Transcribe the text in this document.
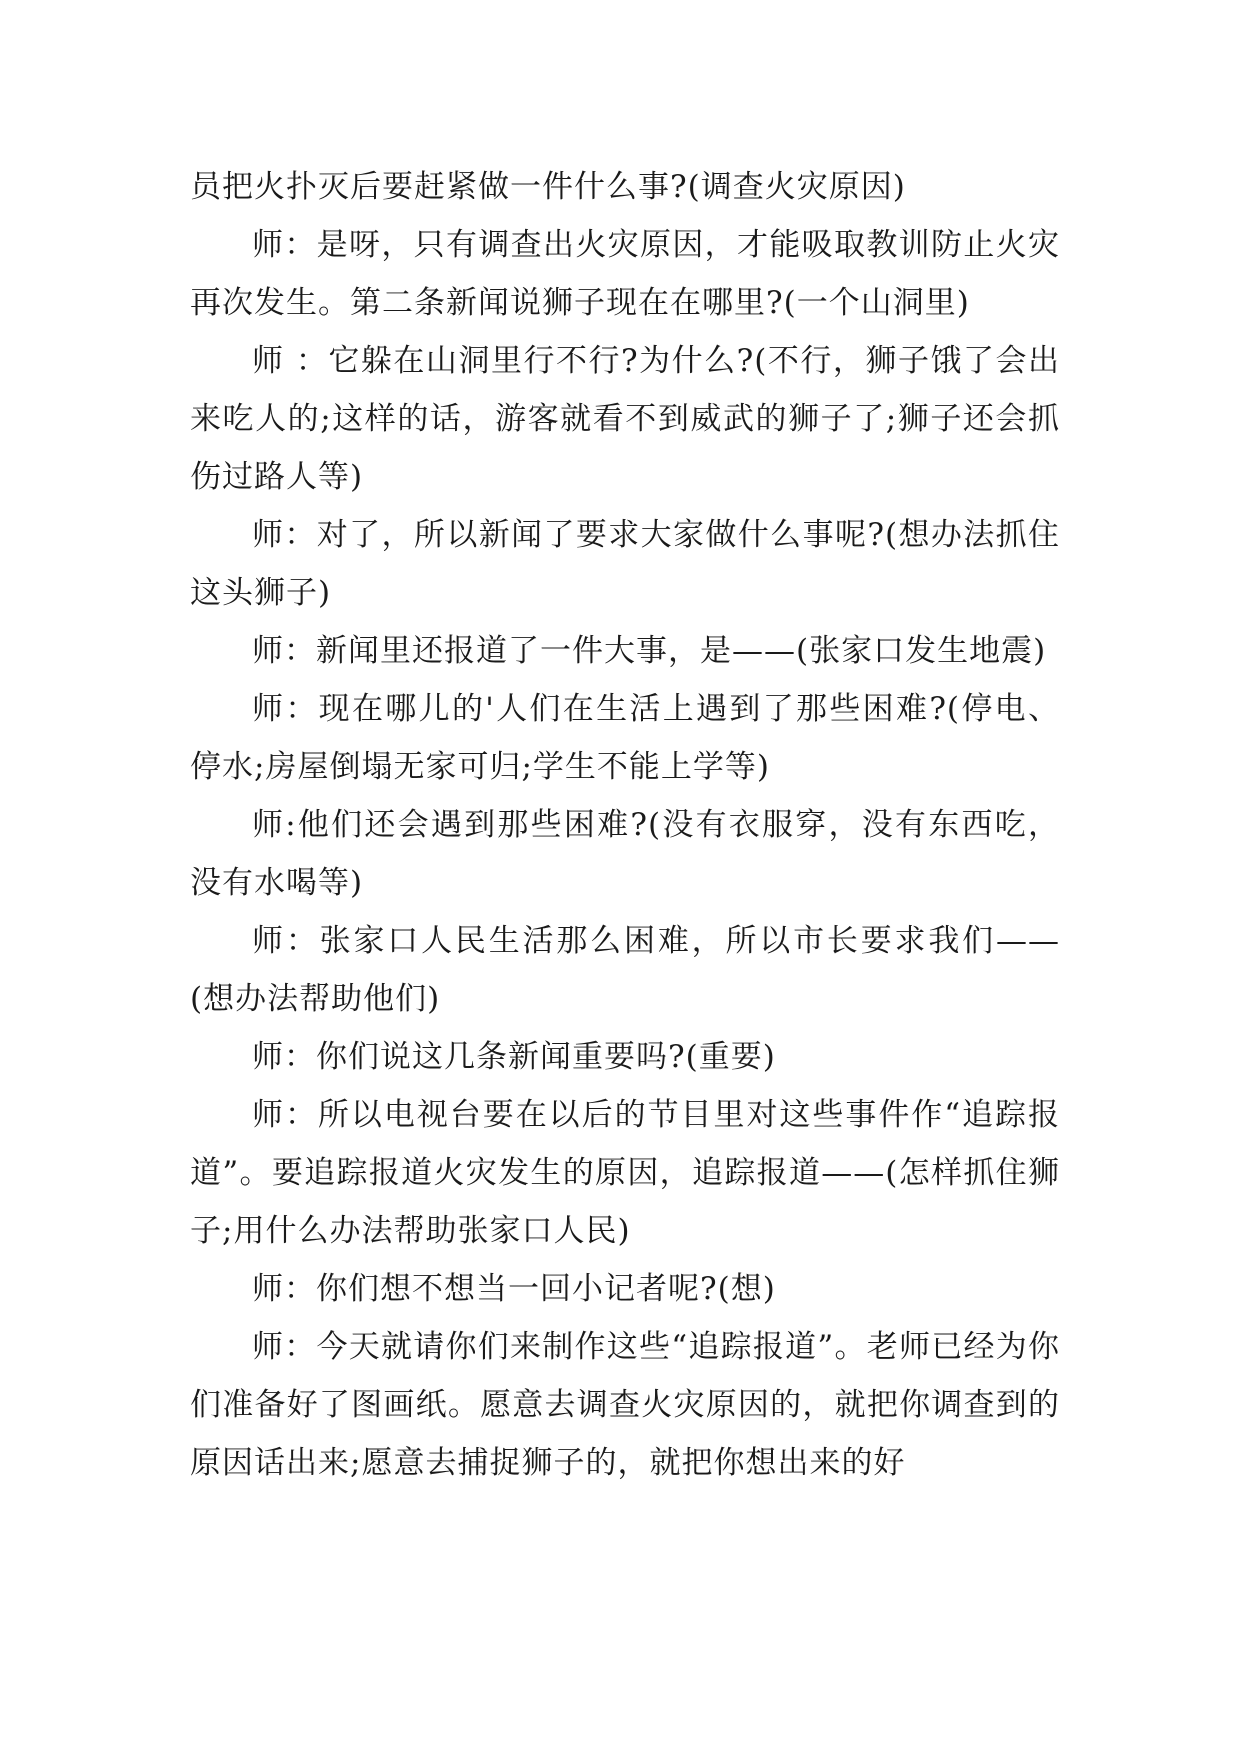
员把火扑灭后要赶紧做一件什么事?(调查火灾原因)

师：是呀，只有调查出火灾原因，才能吸取教训防止火灾再次发生。第二条新闻说狮子现在在哪里?(一个山洞里)

师 ：它躲在山洞里行不行?为什么?(不行，狮子饿了会出来吃人的;这样的话，游客就看不到威武的狮子了;狮子还会抓伤过路人等)

师：对了，所以新闻了要求大家做什么事呢?(想办法抓住这头狮子)

师：新闻里还报道了一件大事，是——(张家口发生地震)

师：现在哪儿的'人们在生活上遇到了那些困难?(停电、停水;房屋倒塌无家可归;学生不能上学等)

师:他们还会遇到那些困难?(没有衣服穿，没有东西吃，没有水喝等)

师：张家口人民生活那么困难，所以市长要求我们——(想办法帮助他们)

师：你们说这几条新闻重要吗?(重要)

师：所以电视台要在以后的节目里对这些事件作“追踪报道”。要追踪报道火灾发生的原因，追踪报道——(怎样抓住狮子;用什么办法帮助张家口人民)

师：你们想不想当一回小记者呢?(想)

师：今天就请你们来制作这些“追踪报道”。老师已经为你们准备好了图画纸。愿意去调查火灾原因的，就把你调查到的原因话出来;愿意去捕捉狮子的，就把你想出来的好
